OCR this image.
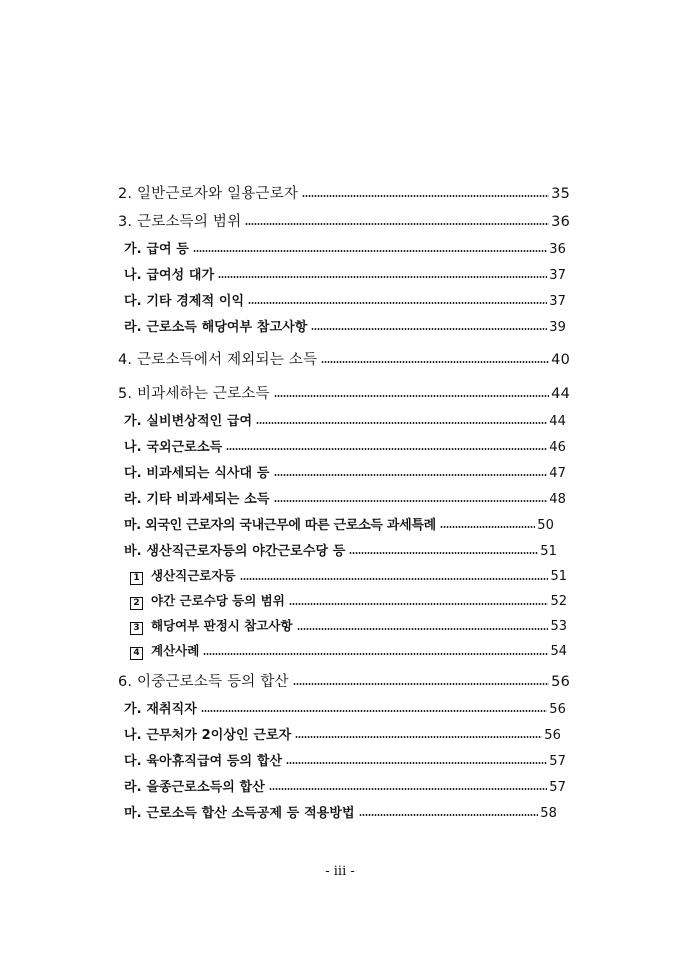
2. 일반근로자와 일용근로자	35
3. 근로소득의 범위	36
가. 급여 등	36
나. 급여성 대가	37
다. 기타 경제적 이익	37
라. 근로소득 해당여부 참고사항	39
4. 근로소득에서 제외되는 소득	40
5. 비과세하는 근로소득	44
가. 실비변상적인 급여	44
나. 국외근로소득	46
다. 비과세되는 식사대 등	47
라. 기타 비과세되는 소득	48
마. 외국인 근로자의 국내근무에 따른 근로소득 과세특례	50
바. 생산직근로자등의 야간근로수당 등	51
1 생산직근로자등	51
2 야간 근로수당 등의 범위	52
3 해당여부 판정시 참고사항	53
4 계산사례	54
6. 이중근로소득 등의 합산	56
가. 재취직자	56
나. 근무처가 2이상인 근로자	56
다. 육아휴직급여 등의 합산	57
라. 을종근로소득의 합산	57
마. 근로소득 합산 소득공제 등 적용방법	58
- iii -
